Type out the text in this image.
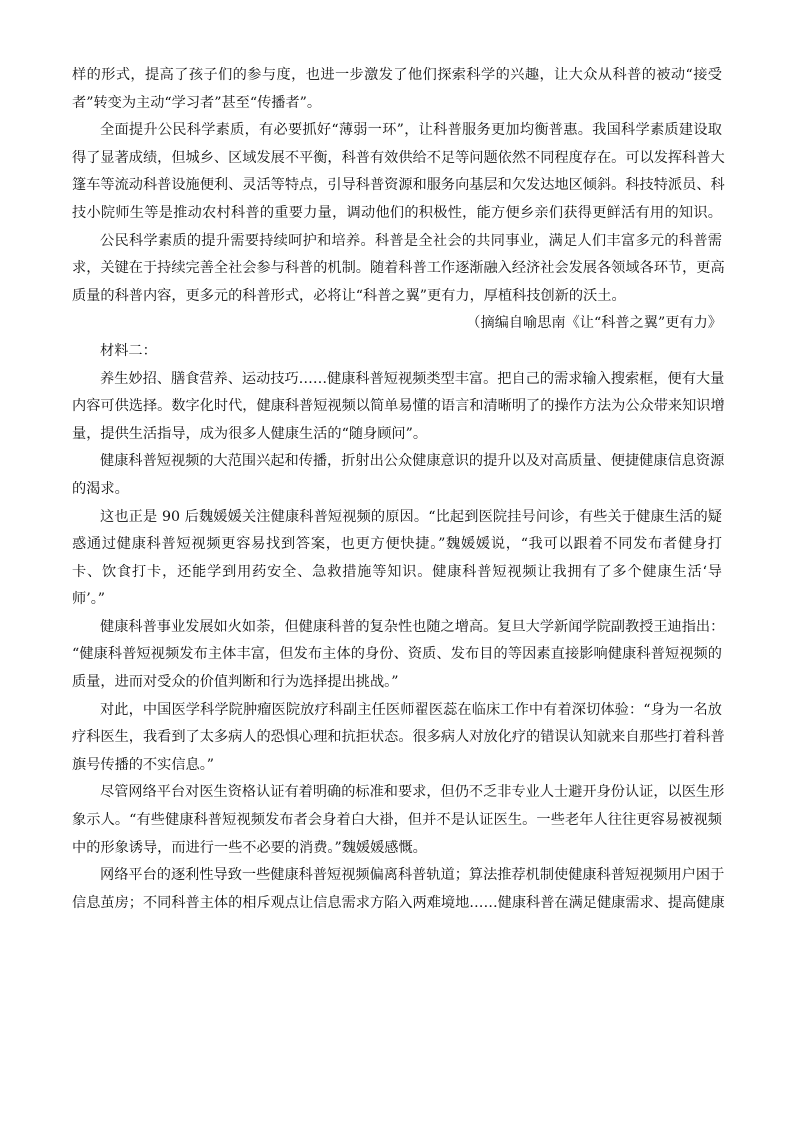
样的形式，提高了孩子们的参与度，也进一步激发了他们探索科学的兴趣，让大众从科普的被动“接受
者”转变为主动“学习者”甚至“传播者”。
全面提升公民科学素质，有必要抓好“薄弱一环”，让科普服务更加均衡普惠。我国科学素质建设取
得了显著成绩，但城乡、区域发展不平衡，科普有效供给不足等问题依然不同程度存在。可以发挥科普大
篷车等流动科普设施便利、灵活等特点，引导科普资源和服务向基层和欠发达地区倾斜。科技特派员、科
技小院师生等是推动农村科普的重要力量，调动他们的积极性，能方便乡亲们获得更鲜活有用的知识。
公民科学素质的提升需要持续呵护和培养。科普是全社会的共同事业，满足人们丰富多元的科普需
求，关键在于持续完善全社会参与科普的机制。随着科普工作逐渐融入经济社会发展各领域各环节，更高
质量的科普内容，更多元的科普形式，必将让“科普之翼”更有力，厚植科技创新的沃土。
（摘编自喻思南《让“科普之翼”更有力》
材料二：
养生妙招、膳食营养、运动技巧……健康科普短视频类型丰富。把自己的需求输入搜索框，便有大量
内容可供选择。数字化时代，健康科普短视频以简单易懂的语言和清晰明了的操作方法为公众带来知识增
量，提供生活指导，成为很多人健康生活的“随身顾问”。
健康科普短视频的大范围兴起和传播，折射出公众健康意识的提升以及对高质量、便捷健康信息资源
的渴求。
这也正是 90 后魏媛媛关注健康科普短视频的原因。“比起到医院挂号问诊，有些关于健康生活的疑
惑通过健康科普短视频更容易找到答案，也更方便快捷。”魏媛媛说，“我可以跟着不同发布者健身打
卡、饮食打卡，还能学到用药安全、急救措施等知识。健康科普短视频让我拥有了多个健康生活‘导
师’。”
健康科普事业发展如火如荼，但健康科普的复杂性也随之增高。复旦大学新闻学院副教授王迪指出：
“健康科普短视频发布主体丰富，但发布主体的身份、资质、发布目的等因素直接影响健康科普短视频的
质量，进而对受众的价值判断和行为选择提出挑战。”
对此，中国医学科学院肿瘤医院放疗科副主任医师翟医蕊在临床工作中有着深切体验：“身为一名放
疗科医生，我看到了太多病人的恐惧心理和抗拒状态。很多病人对放化疗的错误认知就来自那些打着科普
旗号传播的不实信息。”
尽管网络平台对医生资格认证有着明确的标准和要求，但仍不乏非专业人士避开身份认证，以医生形
象示人。“有些健康科普短视频发布者会身着白大褂，但并不是认证医生。一些老年人往往更容易被视频
中的形象诱导，而进行一些不必要的消费。”魏媛媛感慨。
网络平台的逐利性导致一些健康科普短视频偏离科普轨道；算法推荐机制使健康科普短视频用户困于
信息茧房；不同科普主体的相斥观点让信息需求方陷入两难境地……健康科普在满足健康需求、提高健康
